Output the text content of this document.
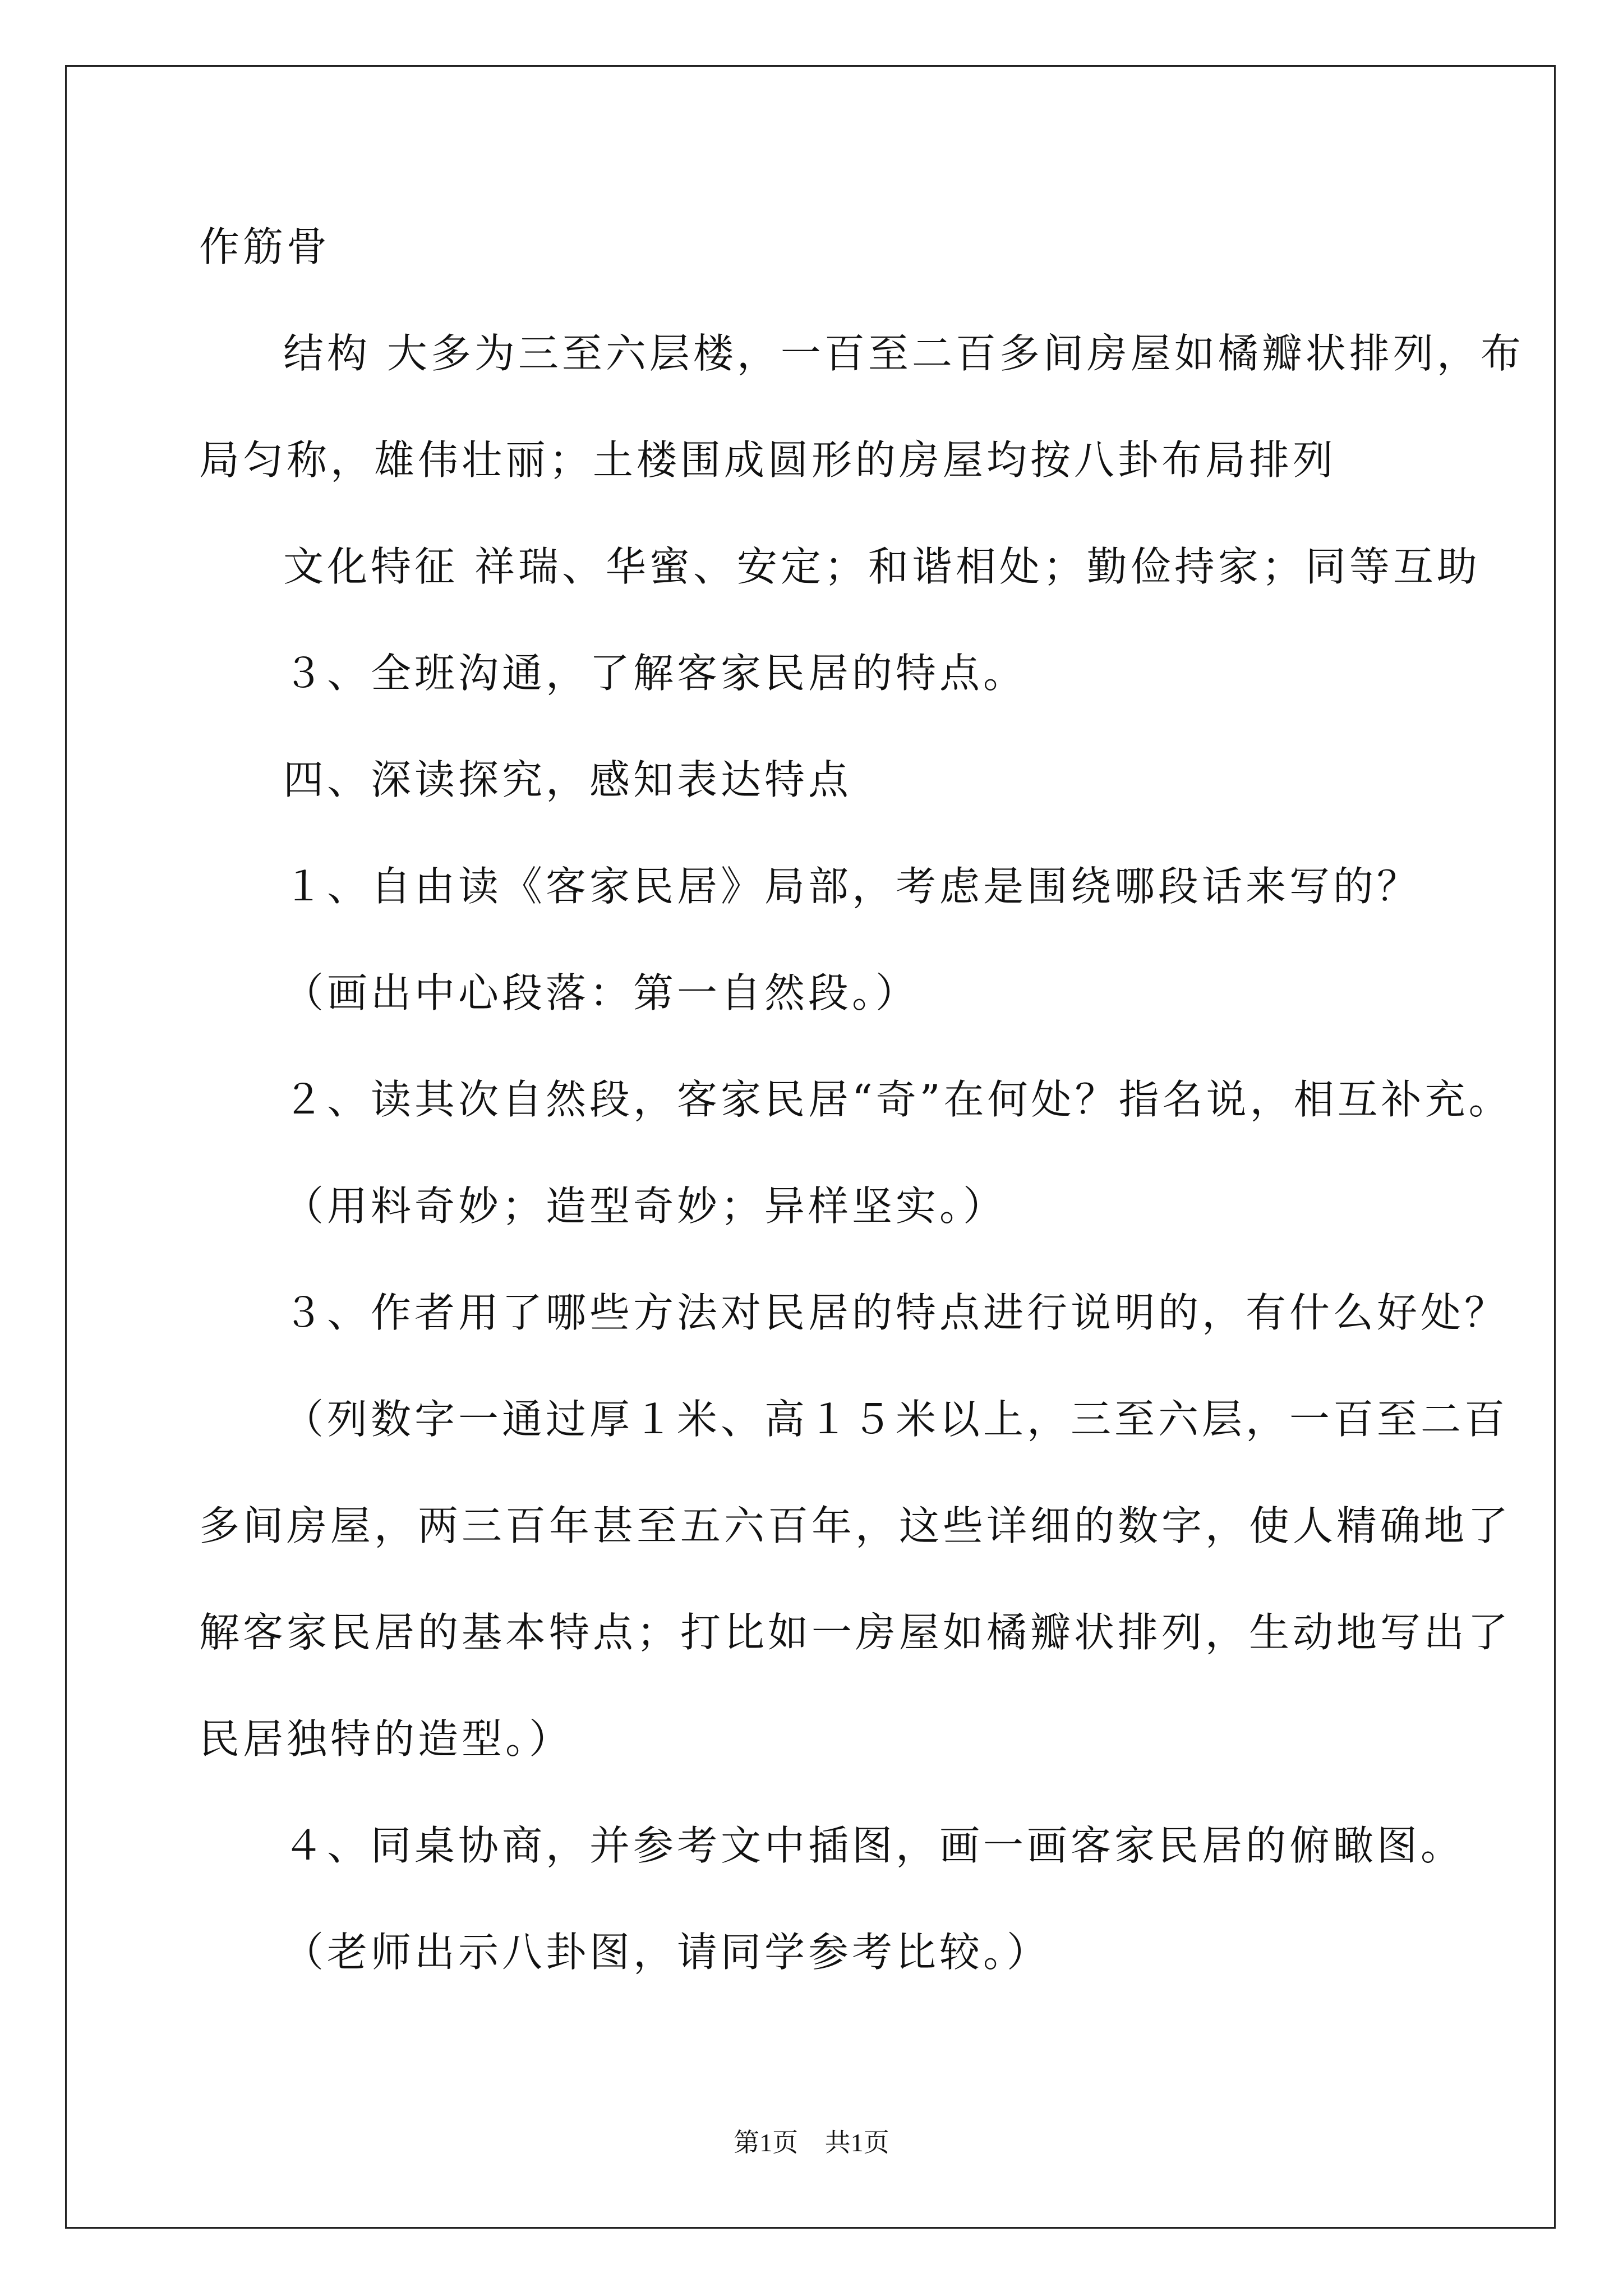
作筋骨
结构 大多为三至六层楼，一百至二百多间房屋如橘瓣状排列，布
局匀称，雄伟壮丽；土楼围成圆形的房屋均按八卦布局排列
文化特征 祥瑞、华蜜、安定；和谐相处；勤俭持家；同等互助
３、全班沟通，了解客家民居的特点。
四、深读探究，感知表达特点
１、自由读《客家民居》局部，考虑是围绕哪段话来写的？
（画出中心段落：第一自然段。）
２、读其次自然段，客家民居“奇”在何处？指名说，相互补充。
（用料奇妙；造型奇妙；异样坚实。）
３、作者用了哪些方法对民居的特点进行说明的，有什么好处？
（列数字一通过厚１米、高１５米以上，三至六层，一百至二百
多间房屋，两三百年甚至五六百年，这些详细的数字，使人精确地了
解客家民居的基本特点；打比如一房屋如橘瓣状排列，生动地写出了
民居独特的造型。）
４、同桌协商，并参考文中插图，画一画客家民居的俯瞰图。
（老师出示八卦图，请同学参考比较。）
第1页 共1页
